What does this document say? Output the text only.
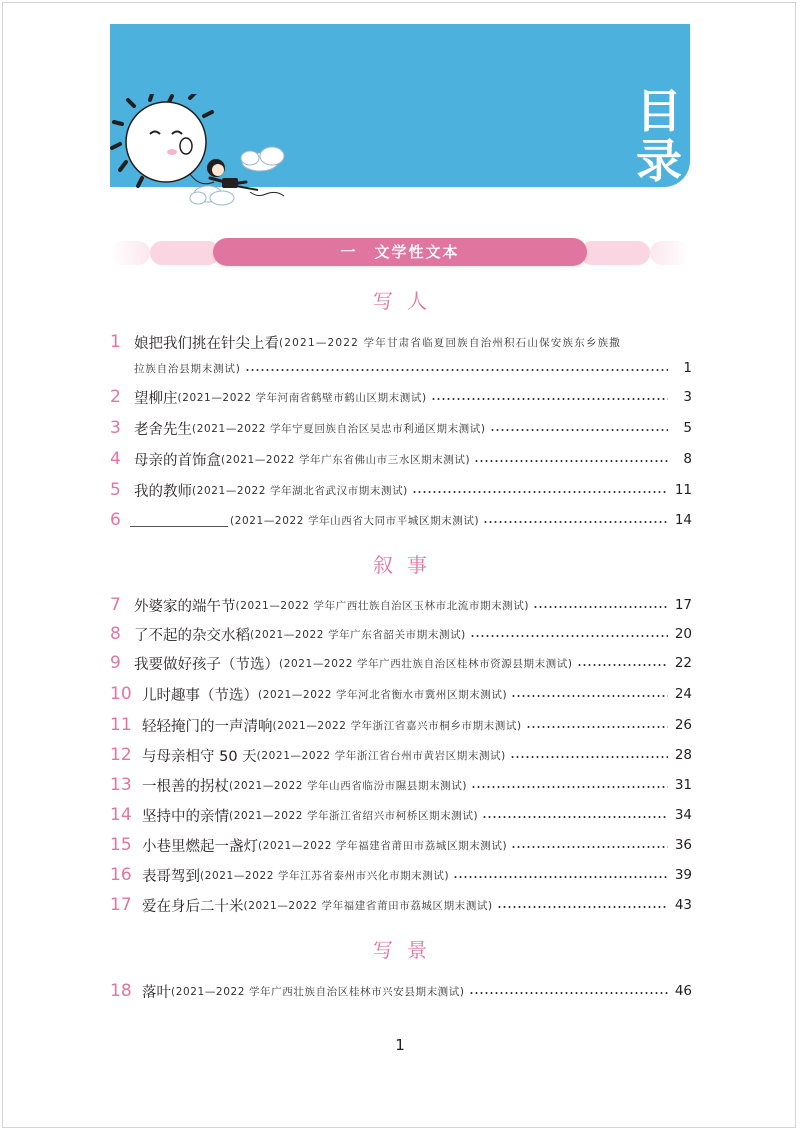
目录
一　文学性文本
写人
1 娘把我们挑在针尖上看 (2021—2022 学年甘肃省临夏回族自治州积石山保安族东乡族撒
拉族自治县期末测试)	1
2 望柳庄 (2021—2022 学年河南省鹤壁市鹤山区期末测试)	3
3 老舍先生 (2021—2022 学年宁夏回族自治区吴忠市利通区期末测试)	5
4 母亲的首饰盒 (2021—2022 学年广东省佛山市三水区期末测试)	8
5 我的教师 (2021—2022 学年湖北省武汉市期末测试)	11
6	(2021—2022 学年山西省大同市平城区期末测试)	14
叙事
7 外婆家的端午节 (2021—2022 学年广西壮族自治区玉林市北流市期末测试)	17
8 了不起的杂交水稻 (2021—2022 学年广东省韶关市期末测试)	20
9 我要做好孩子（节选） (2021—2022 学年广西壮族自治区桂林市资源县期末测试)	22
10 儿时趣事（节选） (2021—2022 学年河北省衡水市冀州区期末测试)	24
11 轻轻掩门的一声清响 (2021—2022 学年浙江省嘉兴市桐乡市期末测试)	26
12 与母亲相守 50 天 (2021—2022 学年浙江省台州市黄岩区期末测试)	28
13 一根善的拐杖 (2021—2022 学年山西省临汾市隰县期末测试)	31
14 坚持中的亲情 (2021—2022 学年浙江省绍兴市柯桥区期末测试)	34
15 小巷里燃起一盏灯 (2021—2022 学年福建省莆田市荔城区期末测试)	36
16 表哥驾到 (2021—2022 学年江苏省泰州市兴化市期末测试)	39
17 爱在身后二十米 (2021—2022 学年福建省莆田市荔城区期末测试)	43
写景
18 落叶 (2021—2022 学年广西壮族自治区桂林市兴安县期末测试)	46
1
